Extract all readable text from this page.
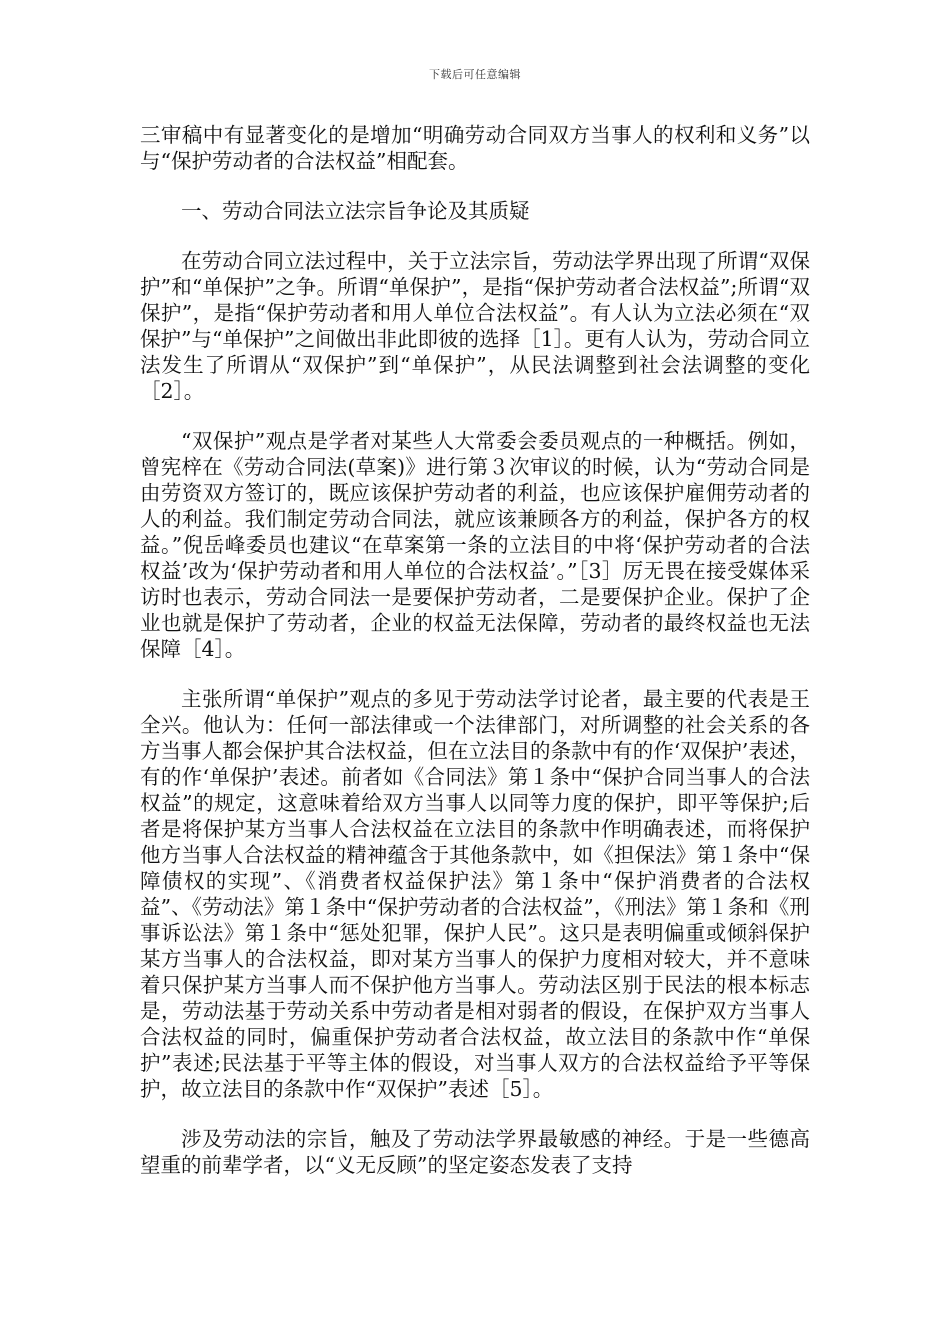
下载后可任意编辑

三审稿中有显著变化的是增加“明确劳动合同双方当事人的权利和义务”以与“保护劳动者的合法权益”相配套。

一、劳动合同法立法宗旨争论及其质疑

在劳动合同立法过程中，关于立法宗旨，劳动法学界出现了所谓“双保护”和“单保护”之争。所谓“单保护”，是指“保护劳动者合法权益”;所谓“双保护”，是指“保护劳动者和用人单位合法权益”。有人认为立法必须在“双保护”与“单保护”之间做出非此即彼的选择［1］。更有人认为，劳动合同立法发生了所谓从“双保护”到“单保护”，从民法调整到社会法调整的变化［2］。

“双保护”观点是学者对某些人大常委会委员观点的一种概括。例如，曾宪梓在《劳动合同法(草案)》进行第３次审议的时候，认为“劳动合同是由劳资双方签订的，既应该保护劳动者的利益，也应该保护雇佣劳动者的人的利益。我们制定劳动合同法，就应该兼顾各方的利益，保护各方的权益。”倪岳峰委员也建议“在草案第一条的立法目的中将‘保护劳动者的合法权益’改为‘保护劳动者和用人单位的合法权益’。”［3］厉无畏在接受媒体采访时也表示，劳动合同法一是要保护劳动者，二是要保护企业。保护了企业也就是保护了劳动者，企业的权益无法保障，劳动者的最终权益也无法保障［4］。

主张所谓“单保护”观点的多见于劳动法学讨论者，最主要的代表是王全兴。他认为：任何一部法律或一个法律部门，对所调整的社会关系的各方当事人都会保护其合法权益，但在立法目的条款中有的作‘双保护’表述，有的作‘单保护’表述。前者如《合同法》第１条中“保护合同当事人的合法权益”的规定，这意味着给双方当事人以同等力度的保护，即平等保护;后者是将保护某方当事人合法权益在立法目的条款中作明确表述，而将保护他方当事人合法权益的精神蕴含于其他条款中，如《担保法》第１条中“保障债权的实现”、《消费者权益保护法》第１条中“保护消费者的合法权益”、《劳动法》第１条中“保护劳动者的合法权益”，《刑法》第１条和《刑事诉讼法》第１条中“惩处犯罪，保护人民”。这只是表明偏重或倾斜保护某方当事人的合法权益，即对某方当事人的保护力度相对较大，并不意味着只保护某方当事人而不保护他方当事人。劳动法区别于民法的根本标志是，劳动法基于劳动关系中劳动者是相对弱者的假设，在保护双方当事人合法权益的同时，偏重保护劳动者合法权益，故立法目的条款中作“单保护”表述;民法基于平等主体的假设，对当事人双方的合法权益给予平等保护，故立法目的条款中作“双保护”表述［5］。

涉及劳动法的宗旨，触及了劳动法学界最敏感的神经。于是一些德高望重的前辈学者，以“义无反顾”的坚定姿态发表了支持
